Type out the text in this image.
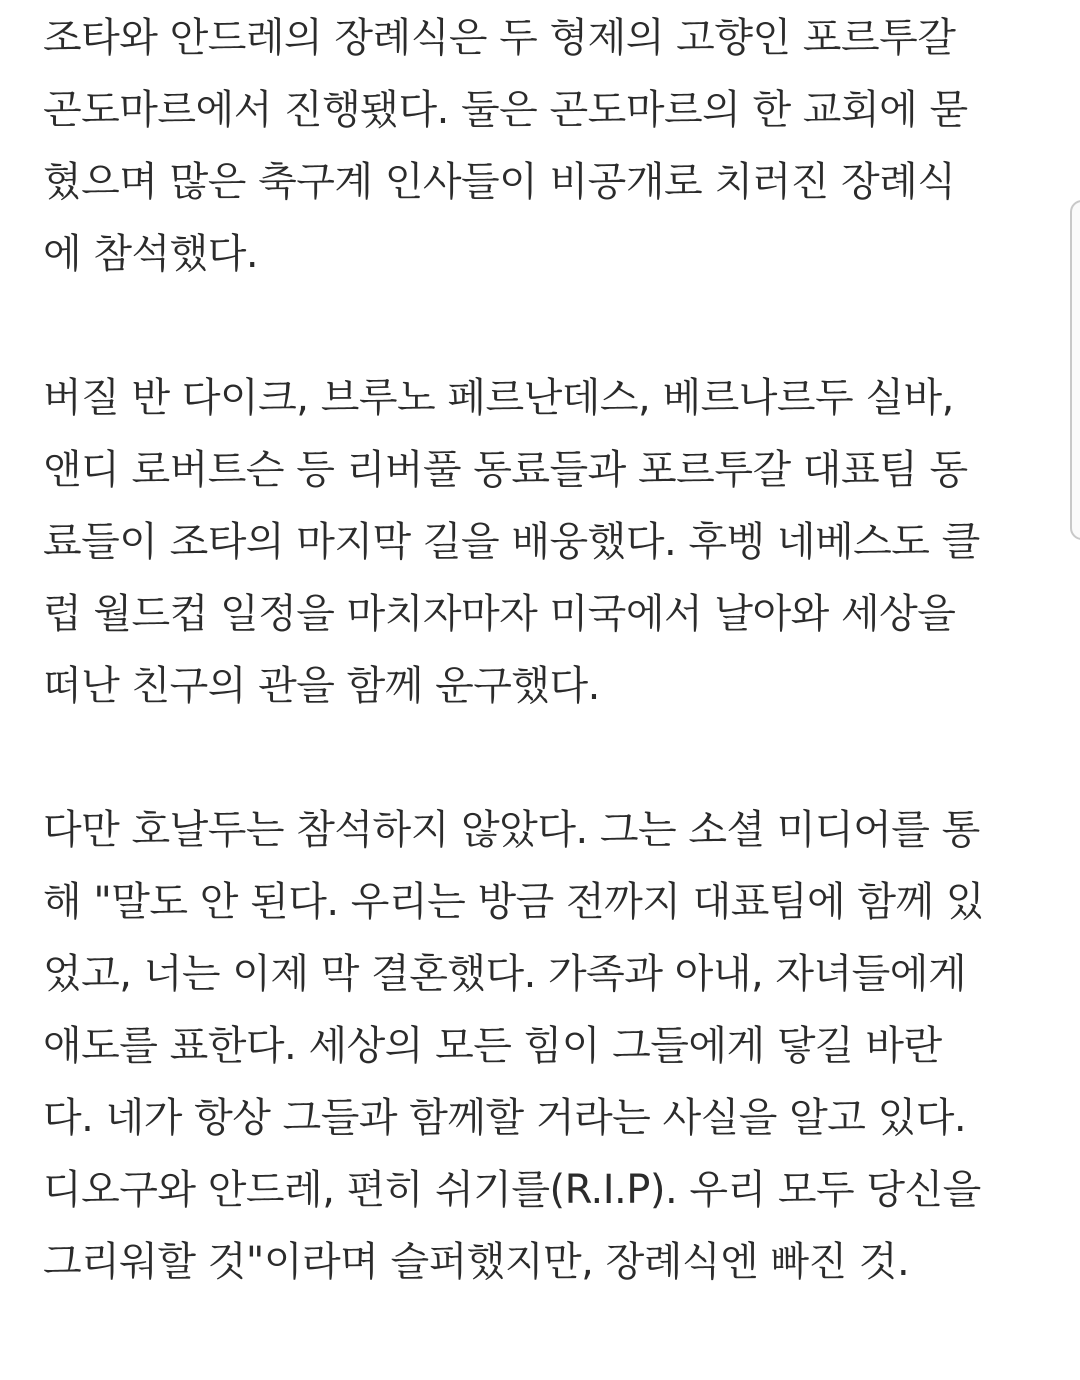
조타와 안드레의 장례식은 두 형제의 고향인 포르투갈
곤도마르에서 진행됐다. 둘은 곤도마르의 한 교회에 묻
혔으며 많은 축구계 인사들이 비공개로 치러진 장례식
에 참석했다.
버질 반 다이크, 브루노 페르난데스, 베르나르두 실바,
앤디 로버트슨 등 리버풀 동료들과 포르투갈 대표팀 동
료들이 조타의 마지막 길을 배웅했다. 후벵 네베스도 클
럽 월드컵 일정을 마치자마자 미국에서 날아와 세상을
떠난 친구의 관을 함께 운구했다.
다만 호날두는 참석하지 않았다. 그는 소셜 미디어를 통
해 "말도 안 된다. 우리는 방금 전까지 대표팀에 함께 있
었고, 너는 이제 막 결혼했다. 가족과 아내, 자녀들에게
애도를 표한다. 세상의 모든 힘이 그들에게 닿길 바란
다. 네가 항상 그들과 함께할 거라는 사실을 알고 있다.
디오구와 안드레, 편히 쉬기를(R.I.P). 우리 모두 당신을
그리워할 것"이라며 슬퍼했지만, 장례식엔 빠진 것.
